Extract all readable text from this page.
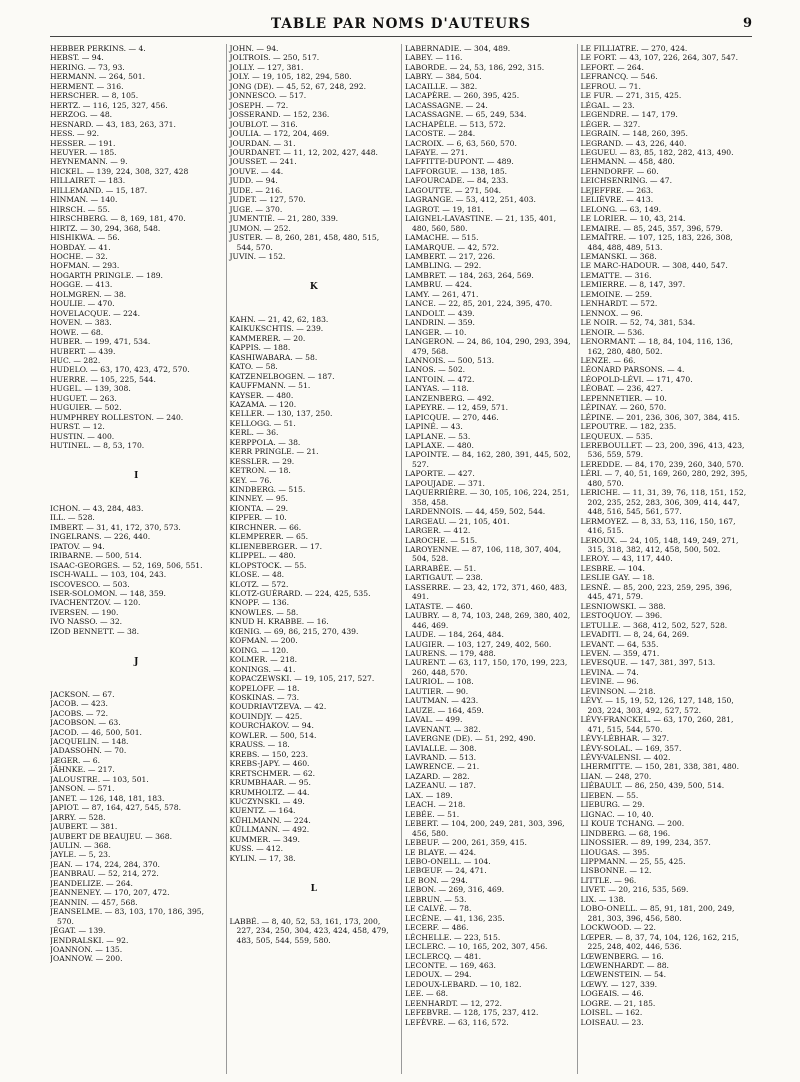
TABLE PAR NOMS D'AUTEURS	9
HEBBER PERKINS. — 4.
HEBST. — 94.
HERING. — 73, 93.
HERMANN. — 264, 501.
HERMENT. — 316.
HERSCHER. — 8, 105.
HERTZ. — 116, 125, 327, 456.
HERZOG. — 48.
HESNARD. — 43, 183, 263, 371.
HESS. — 92.
HESSER. — 191.
HEUYER. — 185.
HEYNEMANN. — 9.
HICKEL. — 139, 224, 308, 327, 428
HILLAIRET. — 183.
HILLEMAND. — 15, 187.
HINMAN. — 140.
HIRSCH. — 55.
HIRSCHBERG. — 8, 169, 181, 470.
HIRTZ. — 30, 294, 368, 548.
HISHIKWA. — 56.
HOBDAY. — 41.
HOCHE. — 32.
HOFMAN. — 293.
HOGARTH PRINGLE. — 189.
HOGGE. — 413.
HOLMGREN. — 38.
HOULIE. — 470.
HOVELACQUE. — 224.
HOVEN. — 383.
HOWE. — 68.
HUBER. — 199, 471, 534.
HUBERT. — 439.
HUC. — 282.
HUDELO. — 63, 170, 423, 472, 570.
HUERRE. — 105, 225, 544.
HUGEL. — 139, 308.
HUGUET. — 263.
HUGUIER. — 502.
HUMPHREY ROLLESTON. — 240.
HURST. — 12.
HUSTIN. — 400.
HUTINEL. — 8, 53, 170.
I
ICHON. — 43, 284, 483.
ILL. — 528.
IMBERT. — 31, 41, 172, 370, 573.
INGELRANS. — 226, 440.
IPATOV. — 94.
IRIBARNE. — 500, 514.
ISAAC-GEORGES. — 52, 169, 506, 551.
ISCH-WALL. — 103, 104, 243.
ISCOVESCO. — 503.
ISER-SOLOMON. — 148, 359.
IVACHENTZOV. — 120.
IVERSEN. — 190.
IVO NASSO. — 32.
IZOD BENNETT. — 38.
J
JACKSON. — 67.
JACOB. — 423.
JACOBS. — 72.
JACOBSON. — 63.
JACOD. — 46, 500, 501.
JACQUELIN. — 148.
JADASSOHN. — 70.
JÆGER. — 6.
JÄHNKE. — 217.
JALOUSTRE. — 103, 501.
JANSON. — 571.
JANET. — 126, 148, 181, 183.
JAPIOT. — 87, 164, 427, 545, 578.
JARRY. — 528.
JAUBERT. — 381.
JAUBERT DE BEAUJEU. — 368.
JAULIN. — 368.
JAYLE. — 5, 23.
JEAN. — 174, 224, 284, 370.
JEANBRAU. — 52, 214, 272.
JEANDELIZE. — 264.
JEANNENEY. — 170, 207, 472.
JEANNIN. — 457, 568.
JEANSELME. — 83, 103, 170, 186, 395, 570.
JÉGAT. — 139.
JENDRALSKI. — 92.
JOANNON. — 135.
JOANNOW. — 200.
JOHN. — 94.
JOLTROIS. — 250, 517.
JOLLY. — 127, 381.
JOLY. — 19, 105, 182, 294, 580.
JONG (DE). — 45, 52, 67, 248, 292.
JONNESCO. — 517.
JOSEPH. — 72.
JOSSERAND. — 152, 236.
JOUBLOT. — 316.
JOULIA. — 172, 204, 469.
JOURDAN. — 31.
JOURDANET. — 11, 12, 202, 427, 448.
JOUSSET. — 241.
JOUVE. — 44.
JUDD. — 94.
JUDE. — 216.
JUDET. — 127, 570.
JUGE. — 370.
JUMENTIÉ. — 21, 280, 339.
JUMON. — 252.
JUSTER. — 8, 260, 281, 458, 480, 515, 544, 570.
JUVIN. — 152.
K
KAHN. — 21, 42, 62, 183.
KAIKUKSCHTIS. — 239.
KAMMERER. — 20.
KAPPIS. — 188.
KASHIWABARA. — 58.
KATO. — 58.
KATZENELBOGEN. — 187.
KAUFFMANN. — 51.
KAYSER. — 480.
KAZAMA. — 120.
KELLER. — 130, 137, 250.
KELLOGG. — 51.
KERL. — 36.
KERPPOLA. — 38.
KERR PRINGLE. — 21.
KESSLER. — 29.
KETRON. — 18.
KEY. — 76.
KINDBERG. — 515.
KINNEY. — 95.
KIONTA. — 29.
KIPFER. — 10.
KIRCHNER. — 66.
KLEMPERER. — 65.
KLIENEBERGER. — 17.
KLIPPEL. — 480.
KLOPSTOCK. — 55.
KLOSE. — 48.
KLOTZ. — 572.
KLOTZ-GUÉRARD. — 224, 425, 535.
KNOPF. — 136.
KNOWLES. — 58.
KNUD H. KRABBE. — 16.
KŒNIG. — 69, 86, 215, 270, 439.
KOFMAN. — 200.
KOING. — 120.
KOLMER. — 218.
KONINGS. — 41.
KOPACZEWSKI. — 19, 105, 217, 527.
KOPELOFF. — 18.
KOSKINAS. — 73.
KOUDRIAVTZEVA. — 42.
KOUINDJY. — 425.
KOURCHAKOV. — 94.
KOWLER. — 500, 514.
KRAUSS. — 18.
KREBS. — 150, 223.
KREBS-JAPY. — 460.
KRETSCHMER. — 62.
KRUMBHAAR. — 95.
KRUMHOLTZ. — 44.
KUCZYNSKI. — 49.
KUENTZ. — 164.
KÜHLMANN. — 224.
KÜLLMANN. — 492.
KUMMER. — 349.
KUSS. — 412.
KYLIN. — 17, 38.
L
LABBÉ. — 8, 40, 52, 53, 161, 173, 200, 227, 234, 250, 304, 423, 424, 458, 479, 483, 505, 544, 559, 580.
LABERNADIE. — 304, 489.
LABEY. — 116.
LABORDE. — 24, 53, 186, 292, 315.
LABRY. — 384, 504.
LACAILLE. — 382.
LACAPÈRE. — 260, 395, 425.
LACASSAGNE. — 24.
LACASSAGNE. — 65, 249, 534.
LACHAPÈLE. — 513, 572.
LACOSTE. — 284.
LACROIX. — 6, 63, 560, 570.
LAFAYE. — 271.
LAFFITTE-DUPONT. — 489.
LAFFORGUE. — 138, 185.
LAFOURCADE. — 84, 233.
LAGOUTTE. — 271, 504.
LAGRANGE. — 53, 412, 251, 403.
LAGROT. — 19, 181.
LAIGNEL-LAVASTINE. — 21, 135, 401, 480, 560, 580.
LAMACHE. — 515.
LAMARQUE. — 42, 572.
LAMBERT. — 217, 226.
LAMBLING. — 292.
LAMBRET. — 184, 263, 264, 569.
LAMBRU. — 424.
LAMY. — 261, 471.
LANCE. — 22, 85, 201, 224, 395, 470.
LANDOLT. — 439.
LANDRIN. — 359.
LANGER. — 10.
LANGERON. — 24, 86, 104, 290, 293, 394, 479, 568.
LANNOIS. — 500, 513.
LANOS. — 502.
LANTOIN. — 472.
LANYAS. — 118.
LANZENBERG. — 492.
LAPEYRE. — 12, 459, 571.
LAPICQUE. — 270, 446.
LAPINÉ. — 43.
LAPLANE. — 53.
LAPLAXE. — 480.
LAPOINTE. — 84, 162, 280, 391, 445, 502, 527.
LAPORTE. — 427.
LAPOUJADE. — 371.
LAQUERRIÈRE. — 30, 105, 106, 224, 251, 358, 458.
LARDENNOIS. — 44, 459, 502, 544.
LARGEAU. — 21, 105, 401.
LARGER. — 412.
LAROCHE. — 515.
LAROYENNE. — 87, 106, 118, 307, 404, 504, 528.
LARRABÉE. — 51.
LARTIGAUT. — 238.
LASSERRE. — 23, 42, 172, 371, 460, 483, 491.
LATASTE. — 460.
LAUBRY. — 8, 74, 103, 248, 269, 380, 402, 446, 469.
LAUDE. — 184, 264, 484.
LAUGIER. — 103, 127, 249, 402, 560.
LAURENS. — 179, 488.
LAURENT. — 63, 117, 150, 170, 199, 223, 260, 448, 570.
LAURIOL. — 108.
LAUTIER. — 90.
LAUTMAN. — 423.
LAUZE. — 164, 459.
LAVAL. — 499.
LAVENANT. — 382.
LAVERGNE (DE). — 51, 292, 490.
LAVIALLE. — 308.
LAVRAND. — 513.
LAWRENCE. — 21.
LAZARD. — 282.
LAZEANU. — 187.
LAX. — 189.
LEACH. — 218.
LEBÉE. — 51.
LEBERT. — 104, 200, 249, 281, 303, 396, 456, 580.
LEBEUF. — 200, 261, 359, 415.
LE BLAYE. — 424.
LEBO-ONELL. — 104.
LEBŒUF. — 24, 471.
LE BON. — 294.
LEBON. — 269, 316, 469.
LEBRUN. — 53.
LE CALVÉ. — 78.
LECÈNE. — 41, 136, 235.
LECERF. — 486.
LÉCHELLE. — 223, 515.
LECLERC. — 10, 165, 202, 307, 456.
LECLERCQ. — 481.
LECONTE. — 169, 463.
LEDOUX. — 294.
LEDOUX-LEBARD. — 10, 182.
LEE. — 68.
LEENHARDT. — 12, 272.
LEFEBVRE. — 128, 175, 237, 412.
LEFÈVRE. — 63, 116, 572.
LE FILLIATRE. — 270, 424.
LE FORT. — 43, 107, 226, 264, 307, 547.
LEFORT. — 264.
LEFRANCQ. — 546.
LEFROU. — 71.
LE FUR. — 271, 315, 425.
LÉGAL. — 23.
LEGENDRE. — 147, 179.
LÉGER. — 327.
LEGRAIN. — 148, 260, 395.
LEGRAND. — 43, 226, 440.
LEGUEU. — 83, 85, 182, 282, 413, 490.
LEHMANN. — 458, 480.
LEHNDORFF. — 60.
LEICHSENRING. — 47.
LEJEFFRE. — 263.
LELIÈVRE. — 413.
LELONG. — 63, 149.
LE LORIER. — 10, 43, 214.
LEMAIRE. — 85, 245, 357, 396, 579.
LEMAÎTRE. — 107, 125, 183, 226, 308, 484, 488, 489, 513.
LEMANSKI. — 368.
LE MARC-HADOUR. — 308, 440, 547.
LEMATTE. — 316.
LEMIERRE. — 8, 147, 397.
LEMOINE. — 259.
LENHARDT. — 572.
LENNOX. — 96.
LE NOIR. — 52, 74, 381, 534.
LENOIR. — 536.
LENORMANT. — 18, 84, 104, 116, 136, 162, 280, 480, 502.
LENZE. — 66.
LÉONARD PARSONS. — 4.
LÉOPOLD-LÉVI. — 171, 470.
LÉOBAT. — 236, 427.
LEPENNETIER. — 10.
LÉPINAY. — 260, 570.
LÉPINE. — 201, 236, 306, 307, 384, 415.
LEPOUTRE. — 182, 235.
LEQUEUX. — 535.
LEREBOULLET. — 23, 200, 396, 413, 423, 536, 559, 579.
LEREDDE. — 84, 170, 239, 260, 340, 570.
LÉRI. — 7, 40, 51, 169, 260, 280, 292, 395, 480, 570.
LERICHE. — 11, 31, 39, 76, 118, 151, 152, 202, 235, 252, 283, 306, 309, 414, 447, 448, 516, 545, 561, 577.
LERMOYEZ. — 8, 33, 53, 116, 150, 167, 416, 515.
LEROUX. — 24, 105, 148, 149, 249, 271, 315, 318, 382, 412, 458, 500, 502.
LEROY. — 43, 117, 440.
LESBRE. — 104.
LESLIE GAY. — 18.
LESNÉ. — 85, 200, 223, 259, 295, 396, 445, 471, 579.
LESNIOWSKI. — 388.
LESTOQUOY. — 396.
LETULLE. — 368, 412, 502, 527, 528.
LEVADITI. — 8, 24, 64, 269.
LEVANT. — 64, 535.
LEVEN. — 359, 471.
LEVESQUE. — 147, 381, 397, 513.
LEVINA. — 74.
LEVINE. — 96.
LEVINSON. — 218.
LÉVY. — 15, 19, 52, 126, 127, 148, 150, 203, 224, 303, 492, 527, 572.
LÉVY-FRANCKEL. — 63, 170, 260, 281, 471, 515, 544, 570.
LÉVY-LÉBHAR. — 327.
LÉVY-SOLAL. — 169, 357.
LÉVY-VALENSI. — 402.
LHERMITTE. — 150, 281, 338, 381, 480.
LIAN. — 248, 270.
LIÉBAULT. — 86, 250, 439, 500, 514.
LIEBEN. — 55.
LIEBURG. — 29.
LIGNAC. — 10, 40.
LI KOUE TCHANG. — 200.
LINDBERG. — 68, 196.
LINOSSIER. — 89, 199, 234, 357.
LIOUGAS. — 395.
LIPPMANN. — 25, 55, 425.
LISBONNE. — 12.
LITTLE. — 96.
LIVET. — 20, 216, 535, 569.
LIX. — 138.
LOBO-ONELL. — 85, 91, 181, 200, 249, 281, 303, 396, 456, 580.
LOCKWOOD. — 22.
LŒPER. — 8, 37, 74, 104, 126, 162, 215, 225, 248, 402, 446, 536.
LŒWENBERG. — 16.
LŒWENHARDT. — 88.
LŒWENSTEIN. — 54.
LŒWY. — 127, 339.
LOGEAIS. — 46.
LOGRE. — 21, 185.
LOISEL. — 162.
LOISEAU. — 23.
